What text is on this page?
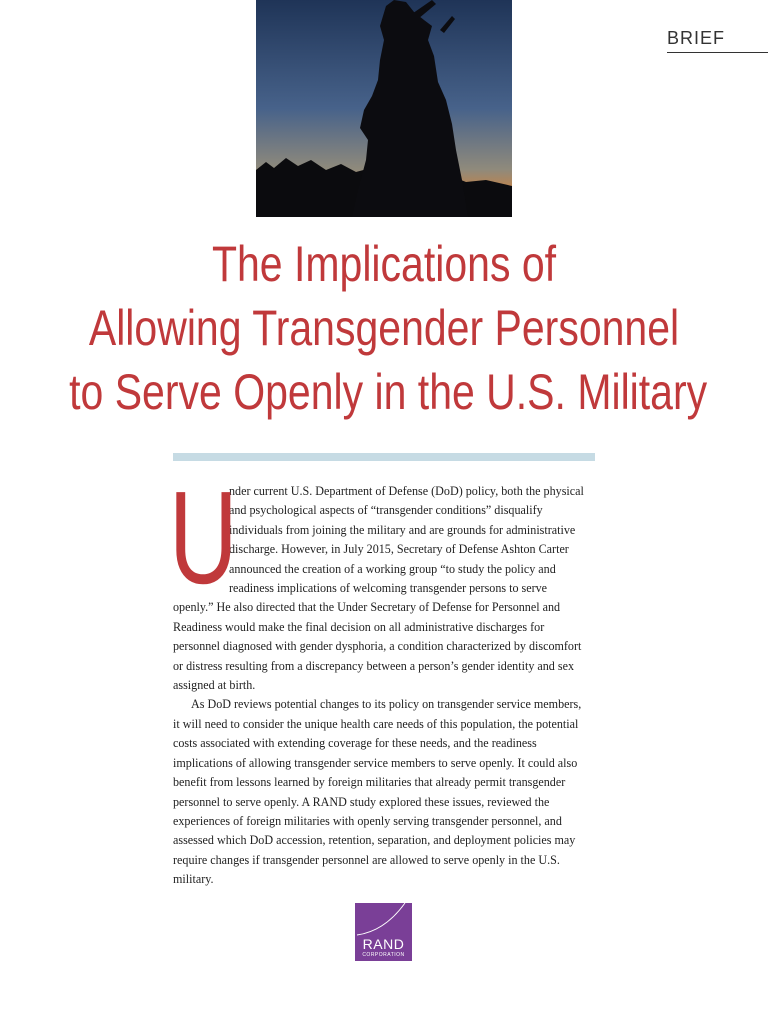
BRIEF
The Implications of
Allowing Transgender Personnel
to Serve Openly in the U.S. Military

U
nder current U.S. Department of Defense (DoD) policy, both the physical and psychological aspects of “transgender conditions” disqualify individuals from joining the military and are grounds for administrative discharge. However, in July 2015, Secretary of Defense Ashton Carter announced the creation of a working group “to study the policy and readiness implications of welcoming transgender persons to serve openly.” He also directed that the Under Secretary of Defense for Personnel and Readiness would make the final decision on all administrative discharges for personnel diagnosed with gender dysphoria, a condition characterized by discomfort or distress resulting from a discrepancy between a person’s gender identity and sex assigned at birth.

As DoD reviews potential changes to its policy on transgender service members, it will need to consider the unique health care needs of this population, the potential costs associated with extending coverage for these needs, and the readiness implications of allowing transgender service members to serve openly. It could also benefit from lessons learned by foreign militaries that already permit transgender personnel to serve openly. A RAND study explored these issues, reviewed the experiences of foreign militaries with openly serving transgender personnel, and assessed which DoD accession, retention, separation, and deployment policies may require changes if transgender personnel are allowed to serve openly in the U.S. military.

RAND
CORPORATION
